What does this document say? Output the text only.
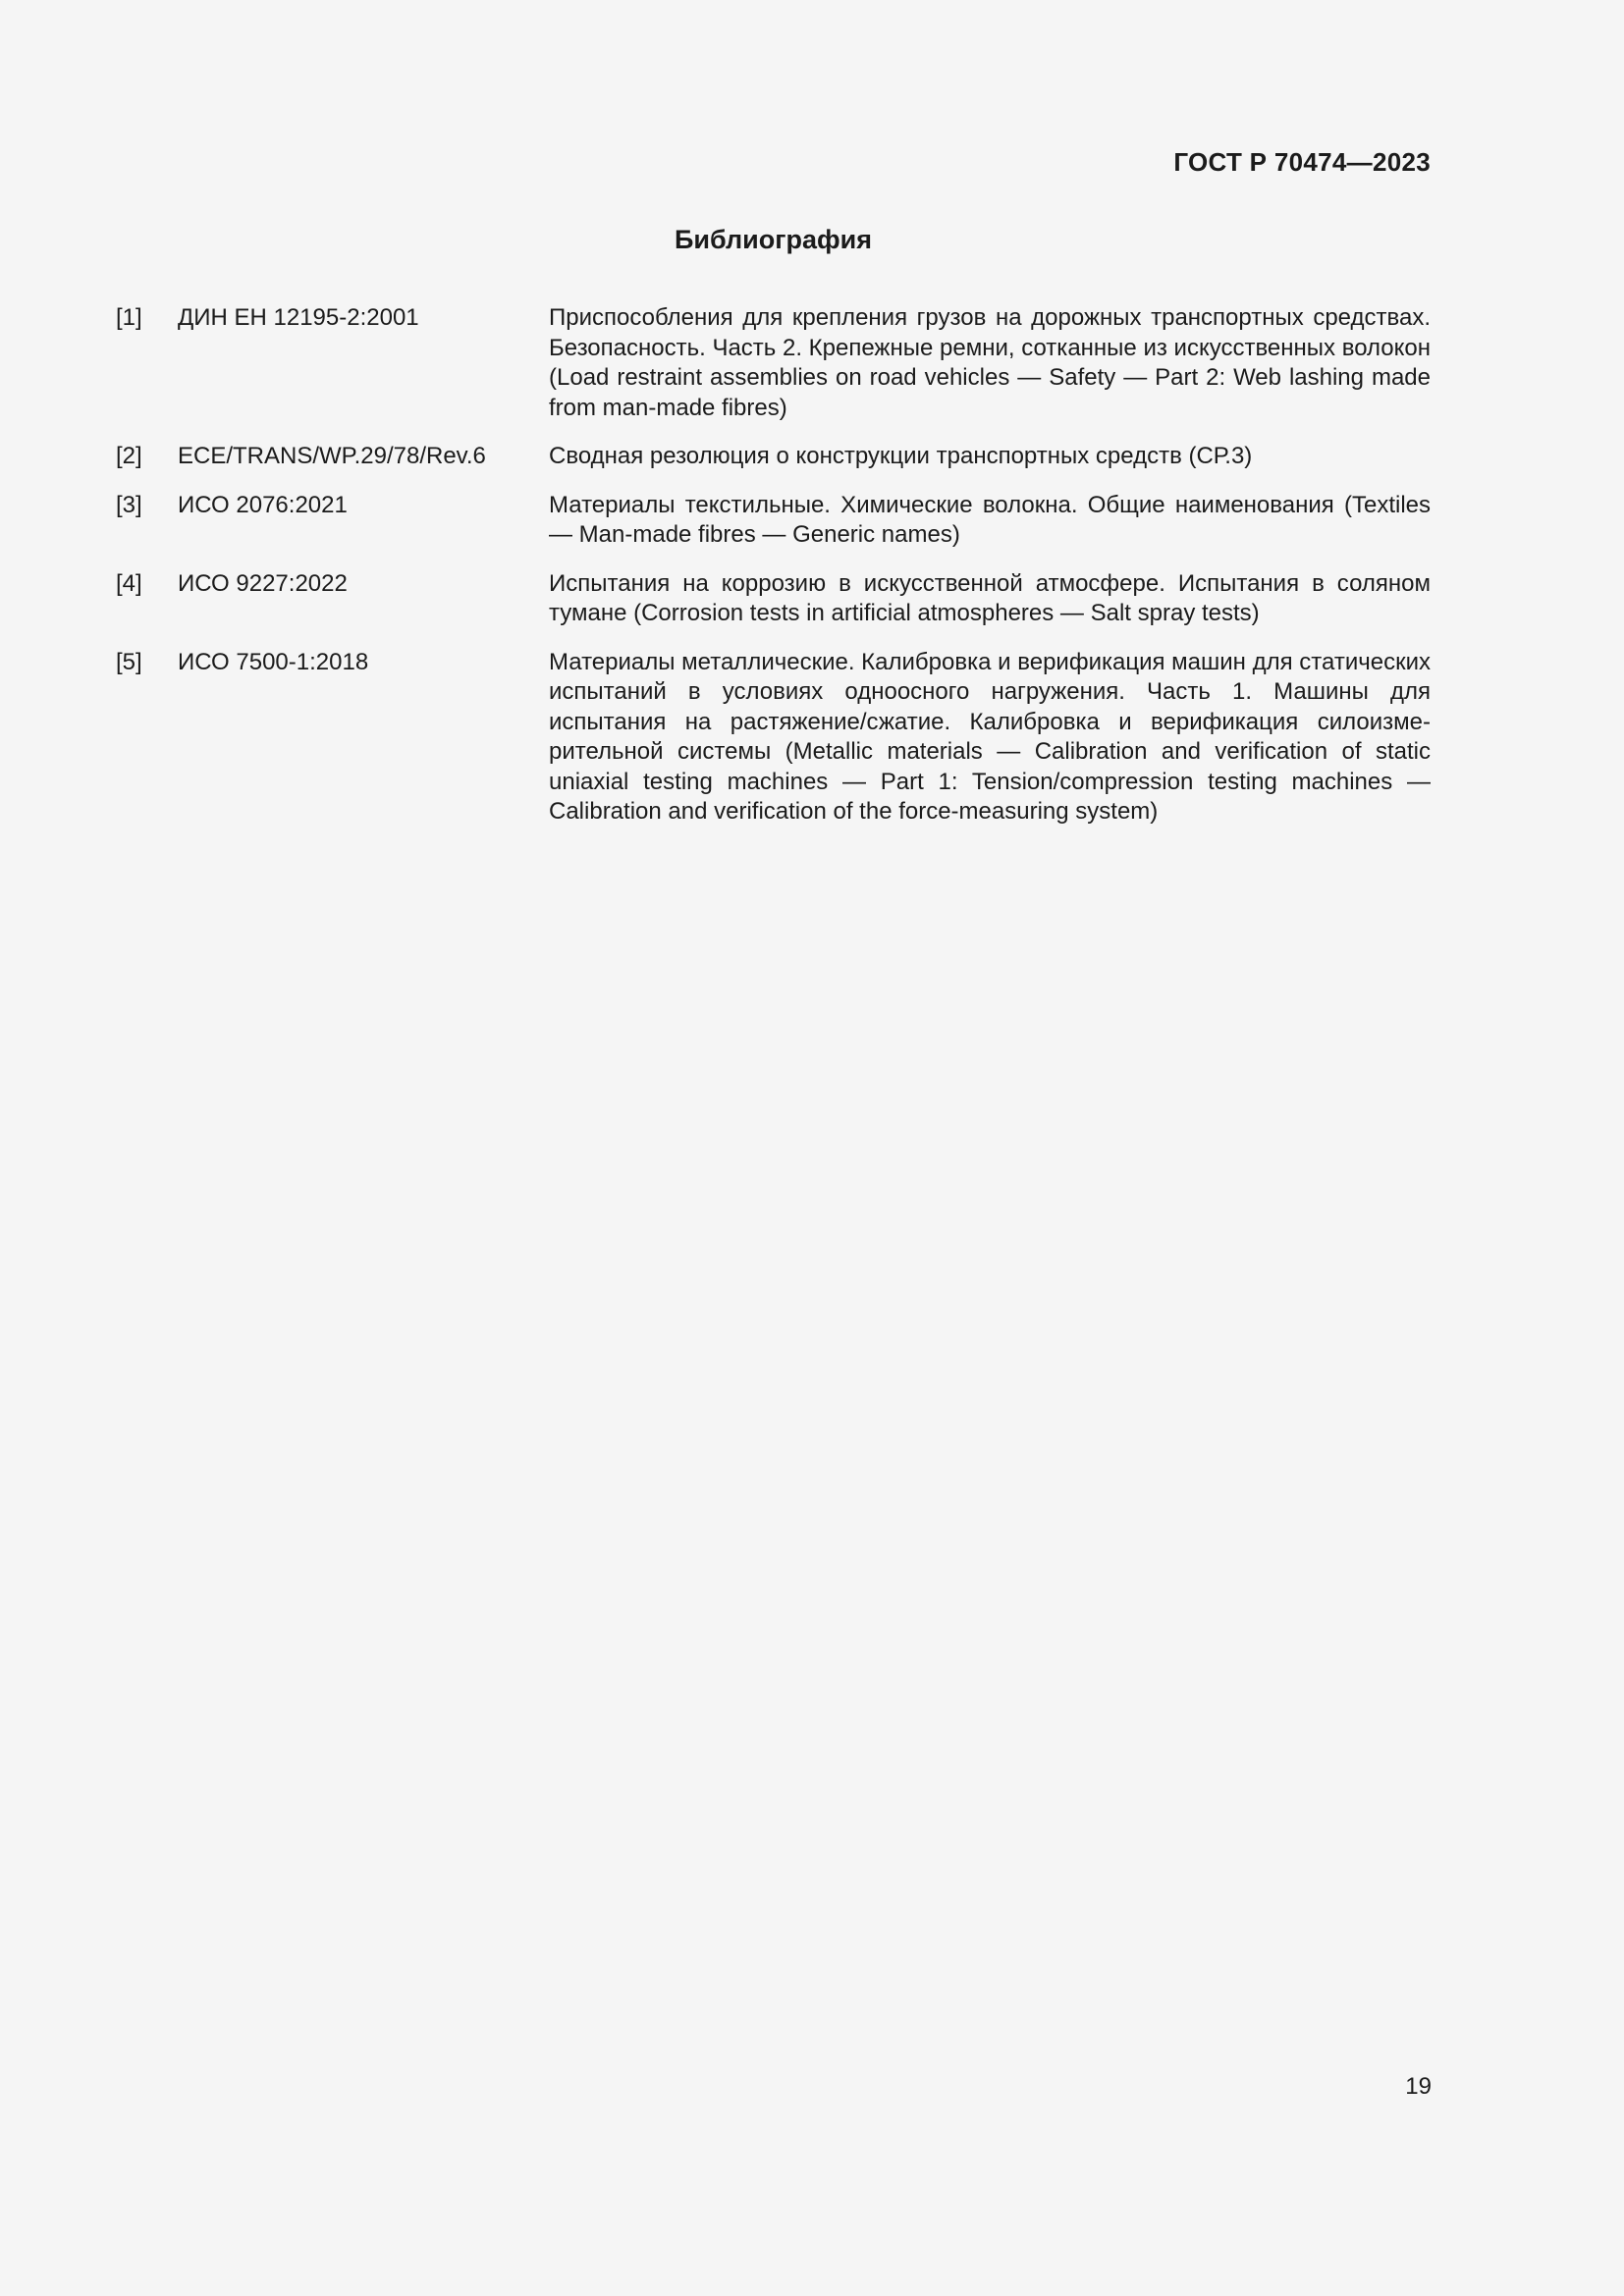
ГОСТ Р 70474—2023

Библиография
[1]	ДИН ЕН 12195-2:2001	Приспособления для крепления грузов на дорожных транспортных средствах. Безопасность. Часть 2. Крепежные ремни, сотканные из искусственных волокон (Load restraint assemblies on road vehicles — Safety — Part 2: Web lashing made from man-made fibres)
[2]	ECE/TRANS/WP.29/78/Rev.6	Сводная резолюция о конструкции транспортных средств (СР.3)
[3]	ИСО 2076:2021	Материалы текстильные. Химические волокна. Общие наименования (Textiles — Man-made fibres — Generic names)
[4]	ИСО 9227:2022	Испытания на коррозию в искусственной атмосфере. Испытания в соляном тумане (Corrosion tests in artificial atmospheres — Salt spray tests)
[5]	ИСО 7500-1:2018	Материалы металлические. Калибровка и верификация машин для статических испытаний в условиях одноосного нагружения. Часть 1. Машины для испытания на растяжение/сжатие. Калибровка и верификация силоизмерительной системы (Metallic materials — Calibration and verification of static uniaxial testing machines — Part 1: Tension/compression testing machines — Calibration and verification of the force-measuring system)

19
